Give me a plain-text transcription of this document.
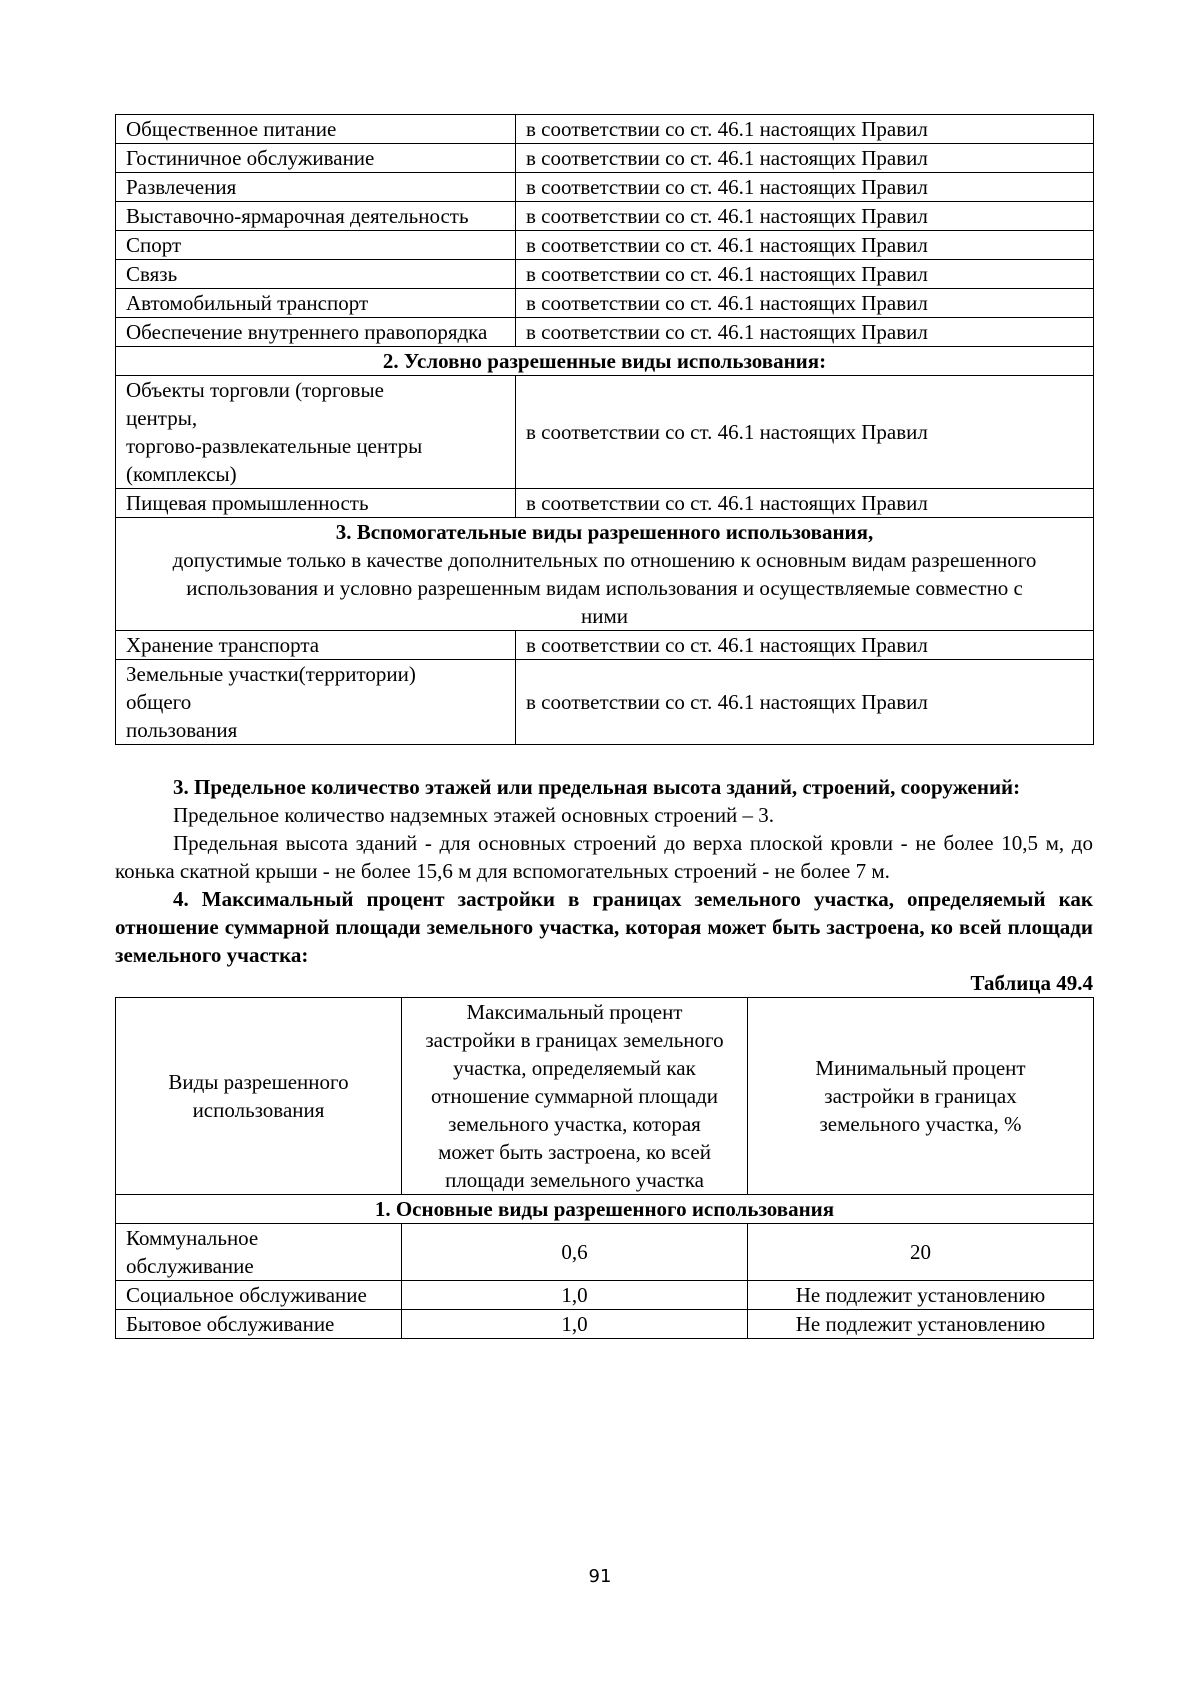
Общественное питание	в соответствии со ст. 46.1 настоящих Правил
Гостиничное обслуживание	в соответствии со ст. 46.1 настоящих Правил
Развлечения	в соответствии со ст. 46.1 настоящих Правил
Выставочно-ярмарочная деятельность	в соответствии со ст. 46.1 настоящих Правил
Спорт	в соответствии со ст. 46.1 настоящих Правил
Связь	в соответствии со ст. 46.1 настоящих Правил
Автомобильный транспорт	в соответствии со ст. 46.1 настоящих Правил
Обеспечение внутреннего правопорядка	в соответствии со ст. 46.1 настоящих Правил
2. Условно разрешенные виды использования:	

Объекты торговли (торговые
центры,
торгово-развлекательные центры
(комплексы)	в соответствии со ст. 46.1 настоящих Правил
Пищевая промышленность	в соответствии со ст. 46.1 настоящих Правил

3. Вспомогательные виды разрешенного использования,
допустимые только в качестве дополнительных по отношению к основным видам разрешенного использования и условно разрешенным видам использования и осуществляемые совместно с ними	

Хранение транспорта	в соответствии со ст. 46.1 настоящих Правил

Земельные участки(территории)
общего
пользования	в соответствии со ст. 46.1 настоящих Правил

3. Предельное количество этажей или предельная высота зданий, строений, сооружений:

Предельное количество надземных этажей основных строений – 3.

Предельная высота зданий - для основных строений до верха плоской кровли - не более 10,5 м, до конька скатной крыши - не более 15,6 м для вспомогательных строений - не более 7 м.

4. Максимальный процент застройки в границах земельного участка, определяемый как отношение суммарной площади земельного участка, которая может быть застроена, ко всей площади земельного участка:

Таблица 49.4
Виды разрешенного использования	Максимальный процент застройки в границах земельного участка, определяемый как отношение суммарной площади земельного участка, которая может быть застроена, ко всей площади земельного участка	Минимальный процент застройки в границах земельного участка, %
1. Основные виды разрешенного использования		
Коммунальное обслуживание	0,6	20
Социальное обслуживание	1,0	Не подлежит установлению
Бытовое обслуживание	1,0	Не подлежит установлению
91
